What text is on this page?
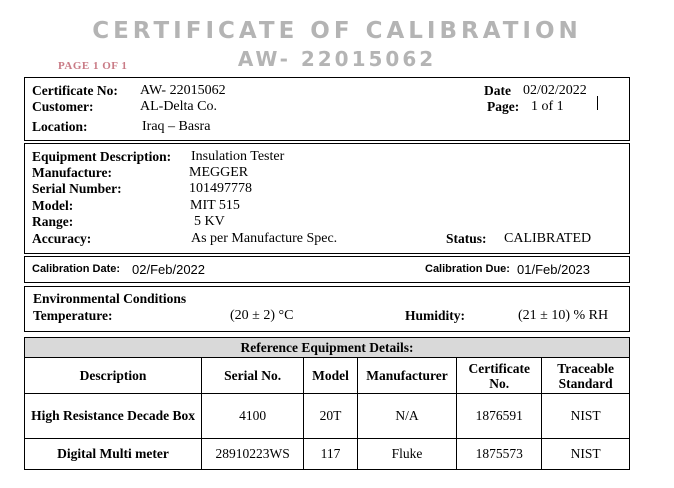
CERTIFICATE OF CALIBRATION
AW- 22015062
PAGE 1 OF 1
Certificate No: AW- 22015062
Customer:	AL-Delta Co.
Location:	Iraq – Basra
Date 02/02/2022
Page: 1 of 1
Equipment Description: Insulation Tester
Manufacture:	MEGGER
Serial Number:	101497778
Model:	MIT 515
Range:	5 KV
Accuracy:	As per Manufacture Spec.	Status: CALIBRATED
Calibration Date: 02/Feb/2022	Calibration Due: 01/Feb/2023
Environmental Conditions
Temperature:	(20 ± 2) °C	Humidity:	(21 ± 10) % RH
Reference Equipment Details:					
Description	Serial No.	Model	Manufacturer	Certificate No.	Traceable Standard
High Resistance Decade Box	4100	20T	N/A	1876591	NIST
Digital Multi meter	28910223WS	117	Fluke	1875573	NIST
